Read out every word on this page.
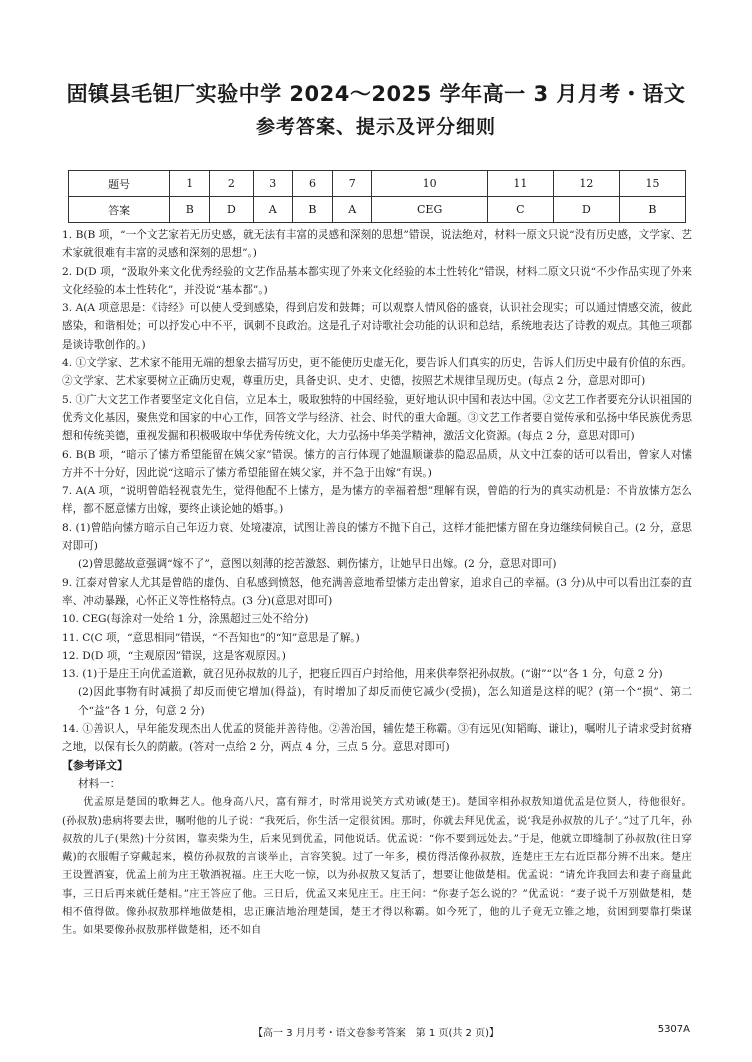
固镇县毛钽厂实验中学 2024～2025 学年高一 3 月月考・语文
参考答案、提示及评分细则
题号	1	2	3	6	7	10	11	12	15
答案	B	D	A	B	A	CEG	C	D	B

1. B(B 项，“一个文艺家若无历史感，就无法有丰富的灵感和深刻的思想”错误，说法绝对，材料一原文只说“没有历史感，文学家、艺术家就很难有丰富的灵感和深刻的思想”。)

2. D(D 项，“汲取外来文化优秀经验的文艺作品基本都实现了外来文化经验的本土性转化”错误，材料二原文只说“不少作品实现了外来文化经验的本土性转化”，并没说“基本都”。)

3. A(A 项意思是：《诗经》可以使人受到感染，得到启发和鼓舞；可以观察人情风俗的盛衰，认识社会现实；可以通过情感交流，彼此感染，和谐相处；可以抒发心中不平，讽刺不良政治。这是孔子对诗歌社会功能的认识和总结，系统地表达了诗教的观点。其他三项都是谈诗歌创作的。)

4. ①文学家、艺术家不能用无端的想象去描写历史，更不能使历史虚无化，要告诉人们真实的历史，告诉人们历史中最有价值的东西。②文学家、艺术家要树立正确历史观，尊重历史，具备史识、史才、史德，按照艺术规律呈现历史。(每点 2 分，意思对即可)

5. ①广大文艺工作者要坚定文化自信，立足本土，吸取独特的中国经验，更好地认识中国和表达中国。②文艺工作者要充分认识祖国的优秀文化基因，聚焦党和国家的中心工作，回答文学与经济、社会、时代的重大命题。③文艺工作者要自觉传承和弘扬中华民族优秀思想和传统美德，重视发掘和积极吸取中华优秀传统文化，大力弘扬中华美学精神，激活文化资源。(每点 2 分，意思对即可)

6. B(B 项，“暗示了愫方希望能留在姨父家”错误。愫方的言行体现了她温顺谦恭的隐忍品质，从文中江泰的话可以看出，曾家人对愫方并不十分好，因此说“这暗示了愫方希望能留在姨父家，并不急于出嫁”有误。)

7. A(A 项，“说明曾皓轻视袁先生，觉得他配不上愫方，是为愫方的幸福着想”理解有误，曾皓的行为的真实动机是：不肯放愫方怎么样，都不愿意愫方出嫁，要终止谈论她的婚事。)

8. (1)曾皓向愫方暗示自己年迈力衰、处境凄凉，试图让善良的愫方不抛下自己，这样才能把愫方留在身边继续伺候自己。(2 分，意思对即可)

(2)曾思懿故意强调“嫁不了”，意图以刻薄的挖苦激怒、刺伤愫方，让她早日出嫁。(2 分，意思对即可)

9. 江泰对曾家人尤其是曾皓的虚伪、自私感到愤怒，他充满善意地希望愫方走出曾家，追求自己的幸福。(3 分)从中可以看出江泰的直率、冲动暴躁，心怀正义等性格特点。(3 分)(意思对即可)

10. CEG(每涂对一处给 1 分，涂黑超过三处不给分)

11. C(C 项，“意思相同”错误，“不吾知也”的“知”意思是了解。)

12. D(D 项，“主观原因”错误，这是客观原因。)

13. (1)于是庄王向优孟道歉，就召见孙叔敖的儿子，把寝丘四百户封给他，用来供奉祭祀孙叔敖。(“谢”“以”各 1 分，句意 2 分)

(2)因此事物有时减损了却反而使它增加(得益)，有时增加了却反而使它减少(受损)，怎么知道是这样的呢？(第一个“损”、第二个“益”各 1 分，句意 2 分)

14. ①善识人，早年能发现杰出人优孟的贤能并善待他。②善治国，辅佐楚王称霸。③有远见(知韬晦、谦让)，嘱咐儿子请求受封贫瘠之地，以保有长久的荫蔽。(答对一点给 2 分，两点 4 分，三点 5 分。意思对即可)

【参考译文】

材料一：

优孟原是楚国的歌舞艺人。他身高八尺，富有辩才，时常用说笑方式劝诫(楚王)。楚国宰相孙叔敖知道优孟是位贤人，待他很好。(孙叔敖)患病将要去世，嘱咐他的儿子说：“我死后，你生活一定很贫困。那时，你就去拜见优孟，说‘我是孙叔敖的儿子’。”过了几年，孙叔敖的儿子(果然)十分贫困，靠卖柴为生，后来见到优孟，同他说话。优孟说：“你不要到远处去。”于是，他就立即缝制了孙叔敖(往日穿戴)的衣服帽子穿戴起来，模仿孙叔敖的言谈举止，言容笑貌。过了一年多，模仿得活像孙叔敖，连楚庄王左右近臣都分辨不出来。楚庄王设置酒宴，优孟上前为庄王敬酒祝福。庄王大吃一惊，以为孙叔敖又复活了，想要让他做楚相。优孟说：“请允许我回去和妻子商量此事，三日后再来就任楚相。”庄王答应了他。三日后，优孟又来见庄王。庄王问：“你妻子怎么说的？”优孟说：“妻子说千万别做楚相，楚相不值得做。像孙叔敖那样地做楚相，忠正廉洁地治理楚国，楚王才得以称霸。如今死了，他的儿子竟无立锥之地，贫困到要靠打柴谋生。如果要像孙叔敖那样做楚相，还不如自

【高一 3 月月考・语文卷参考答案　第 1 页(共 2 页)】	5307A
